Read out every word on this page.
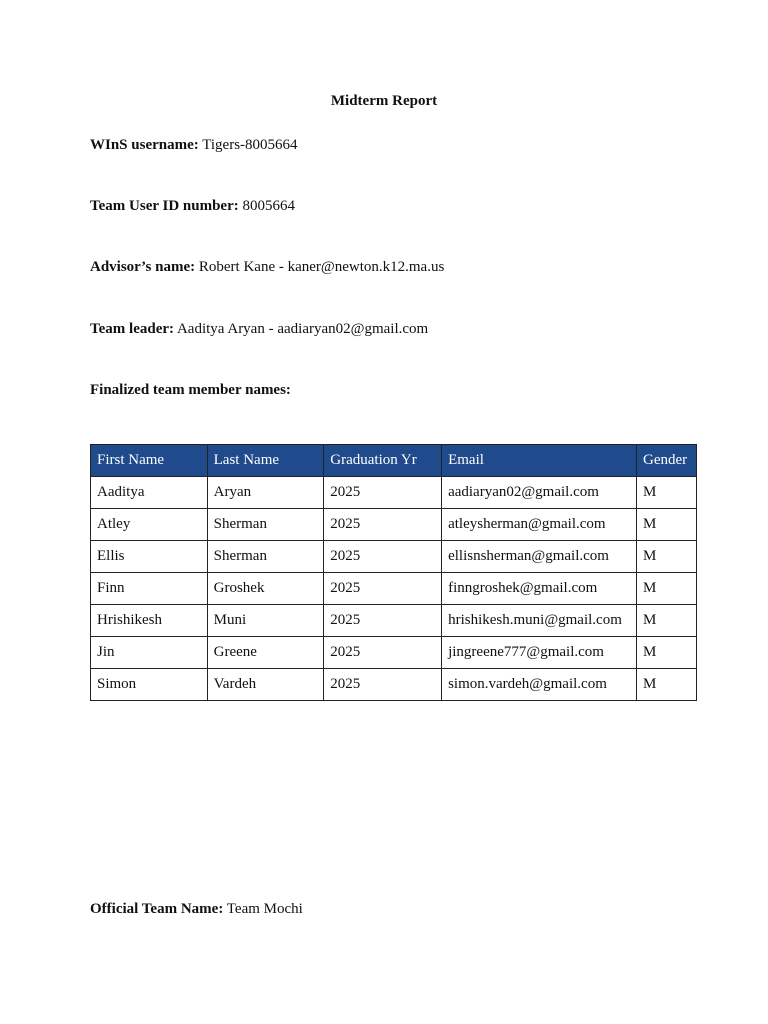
Midterm Report
WInS username: Tigers-8005664
Team User ID number: 8005664
Advisor’s name: Robert Kane - kaner@newton.k12.ma.us
Team leader: Aaditya Aryan - aadiaryan02@gmail.com
Finalized team member names:
First Name	Last Name	Graduation Yr	Email	Gender
Aaditya	Aryan	2025	aadiaryan02@gmail.com	M
Atley	Sherman	2025	atleysherman@gmail.com	M
Ellis	Sherman	2025	ellisnsherman@gmail.com	M
Finn	Groshek	2025	finngroshek@gmail.com	M
Hrishikesh	Muni	2025	hrishikesh.muni@gmail.com	M
Jin	Greene	2025	jingreene777@gmail.com	M
Simon	Vardeh	2025	simon.vardeh@gmail.com	M
Official Team Name: Team Mochi
